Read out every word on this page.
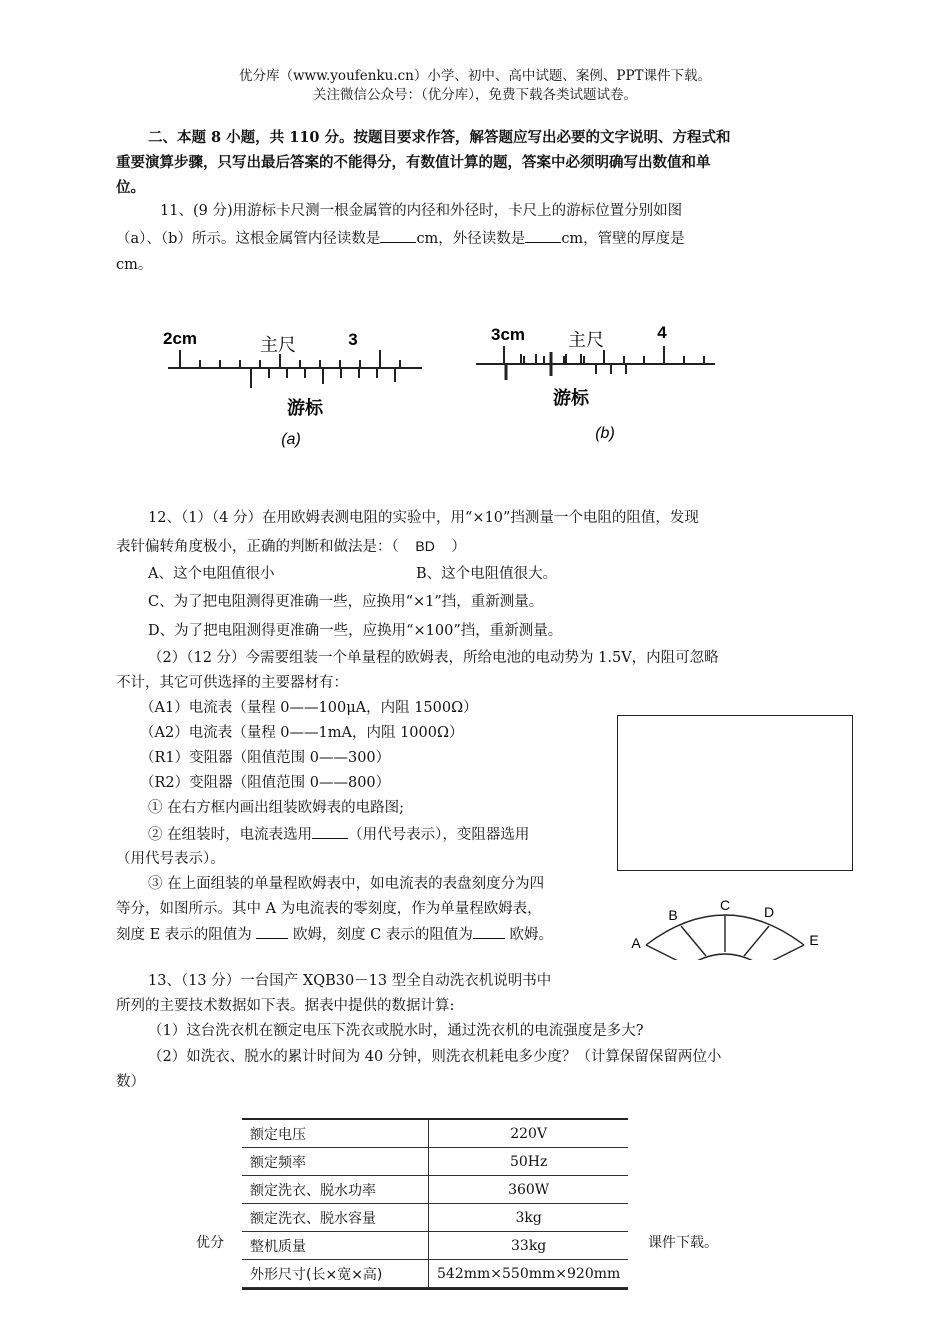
优分库（www.youfenku.cn）小学、初中、高中试题、案例、PPT课件下载。
关注微信公众号：（优分库），免费下载各类试题试卷。
二、本题 8 小题，共 110 分。按题目要求作答，解答题应写出必要的文字说明、方程式和
重要演算步骤，只写出最后答案的不能得分，有数值计算的题，答案中必须明确写出数值和单
位。
11、(9 分)用游标卡尺测一根金属管的内径和外径时，卡尺上的游标位置分别如图
（a）、（b）所示。这根金属管内径读数是 cm，外径读数是 cm，管壁的厚度是
cm。
2cm	主尺	3
游标
(a)
3cm 主尺	4
游标
(b)
12、（1）（4 分）在用欧姆表测电阻的实验中，用“×10”挡测量一个电阻的阻值，发现
表针偏转角度极小，正确的判断和做法是：（ BD ）
A、这个电阻值很小	B、这个电阻值很大。
C、为了把电阻测得更准确一些，应换用“×1”挡，重新测量。
D、为了把电阻测得更准确一些，应换用“×100”挡，重新测量。
（2）（12 分）今需要组装一个单量程的欧姆表，所给电池的电动势为 1.5V，内阻可忽略
不计，其它可供选择的主要器材有：
（A1）电流表（量程 0——100μA，内阻 1500Ω）
（A2）电流表（量程 0——1mA，内阻 1000Ω）
（R1）变阻器（阻值范围 0——300）
（R2）变阻器（阻值范围 0——800）
① 在右方框内画出组装欧姆表的电路图;
② 在组装时，电流表选用 （用代号表示），变阻器选用
（用代号表示）。
③ 在上面组装的单量程欧姆表中，如电流表的表盘刻度分为四
等分，如图所示。其中 A 为电流表的零刻度，作为单量程欧姆表，
刻度 E 表示的阻值为	欧姆，刻度 C 表示的阻值为	欧姆。	A
B
C D
E
13、（13 分）一台国产 XQB30－13 型全自动洗衣机说明书中
所列的主要技术数据如下表。据表中提供的数据计算:
（1）这台洗衣机在额定电压下洗衣或脱水时，通过洗衣机的电流强度是多大?
（2）如洗衣、脱水的累计时间为 40 分钟，则洗衣机耗电多少度？（计算保留保留两位小
数）
优分	课件下载。
额定电压	220V
额定频率	50Hz
额定洗衣、脱水功率	360W
额定洗衣、脱水容量	3kg
整机质量	33kg
外形尺寸(长×宽×高)	542mm×550mm×920mm
